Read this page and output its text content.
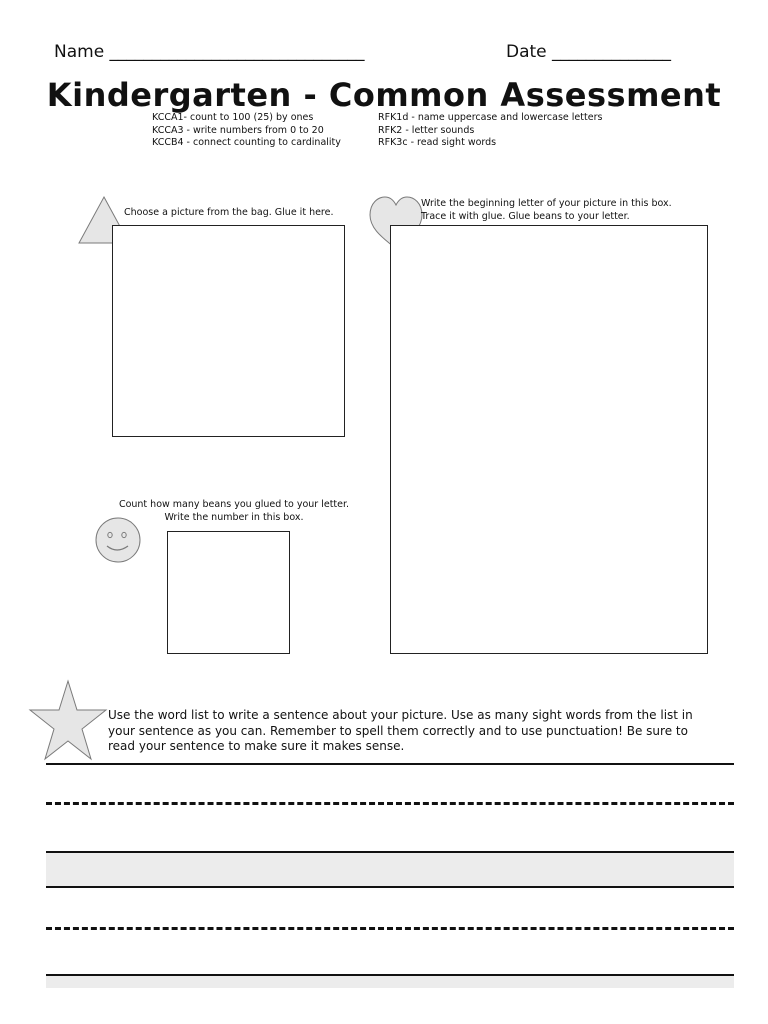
Name ______________________________	Date ______________
Kindergarten - Common Assessment
KCCA1- count to 100 (25) by ones
KCCA3 - write numbers from 0 to 20
KCCB4 - connect counting to cardinality
RFK1d - name uppercase and lowercase letters
RFK2 - letter sounds
RFK3c - read sight words
Choose a picture from the bag. Glue it here.
Write the beginning letter of your picture in this box.
Trace it with glue. Glue beans to your letter.
Count how many beans you glued to your letter.
Write the number in this box.
Use the word list to write a sentence about your picture. Use as many sight words from the list in your sentence as you can. Remember to spell them correctly and to use punctuation! Be sure to read your sentence to make sure it makes sense.
